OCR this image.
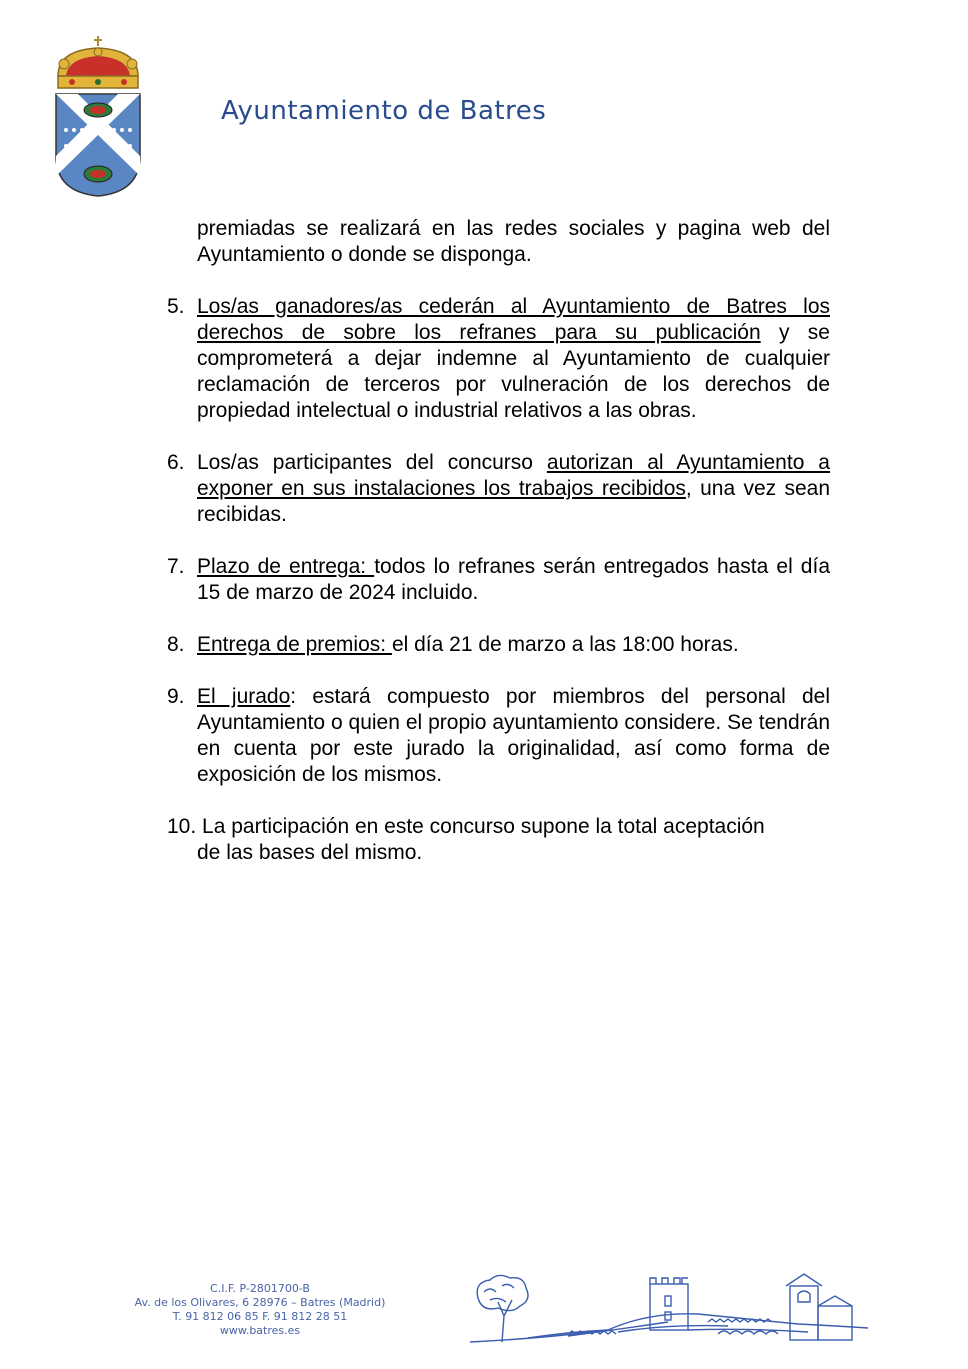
Ayuntamiento de Batres
premiadas se realizará en las redes sociales y pagina web del Ayuntamiento o donde se disponga.
5. Los/as ganadores/as cederán al Ayuntamiento de Batres los derechos de sobre los refranes para su publicación y se comprometerá a dejar indemne al Ayuntamiento de cualquier reclamación de terceros por vulneración de los derechos de propiedad intelectual o industrial relativos a las obras.
6. Los/as participantes del concurso autorizan al Ayuntamiento a exponer en sus instalaciones los trabajos recibidos, una vez sean recibidas.
7. Plazo de entrega: todos lo refranes serán entregados hasta el día 15 de marzo de 2024 incluido.
8. Entrega de premios: el día 21 de marzo a las 18:00 horas.
9. El jurado: estará compuesto por miembros del personal del Ayuntamiento o quien el propio ayuntamiento considere. Se tendrán en cuenta por este jurado la originalidad, así como forma de exposición de los mismos.
10. La participación en este concurso supone la total aceptación
de las bases del mismo.
C.I.F. P-2801700-B
Av. de los Olivares, 6 28976 – Batres (Madrid)
T. 91 812 06 85 F. 91 812 28 51
www.batres.es
